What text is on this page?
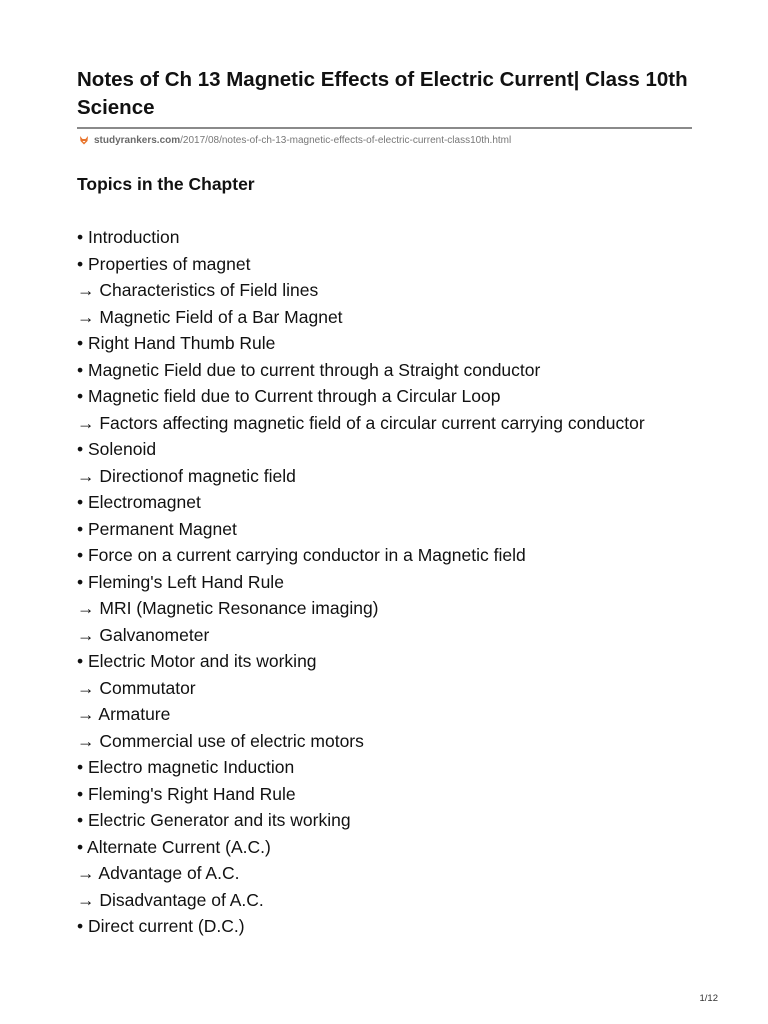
Notes of Ch 13 Magnetic Effects of Electric Current| Class 10th Science
studyrankers.com /2017/08/notes-of-ch-13-magnetic-effects-of-electric-current-class10th.html
Topics in the Chapter
• Introduction
• Properties of magnet
→ Characteristics of Field lines
→ Magnetic Field of a Bar Magnet
• Right Hand Thumb Rule
• Magnetic Field due to current through a Straight conductor
• Magnetic field due to Current through a Circular Loop
→ Factors affecting magnetic field of a circular current carrying conductor
• Solenoid
→ Directionof magnetic field
• Electromagnet
• Permanent Magnet
• Force on a current carrying conductor in a Magnetic field
• Fleming's Left Hand Rule
→ MRI (Magnetic Resonance imaging)
→ Galvanometer
• Electric Motor and its working
→ Commutator
→ Armature
→ Commercial use of electric motors
• Electro magnetic Induction
• Fleming's Right Hand Rule
• Electric Generator and its working
• Alternate Current (A.C.)
→ Advantage of A.C.
→ Disadvantage of A.C.
• Direct current (D.C.)
1/12
